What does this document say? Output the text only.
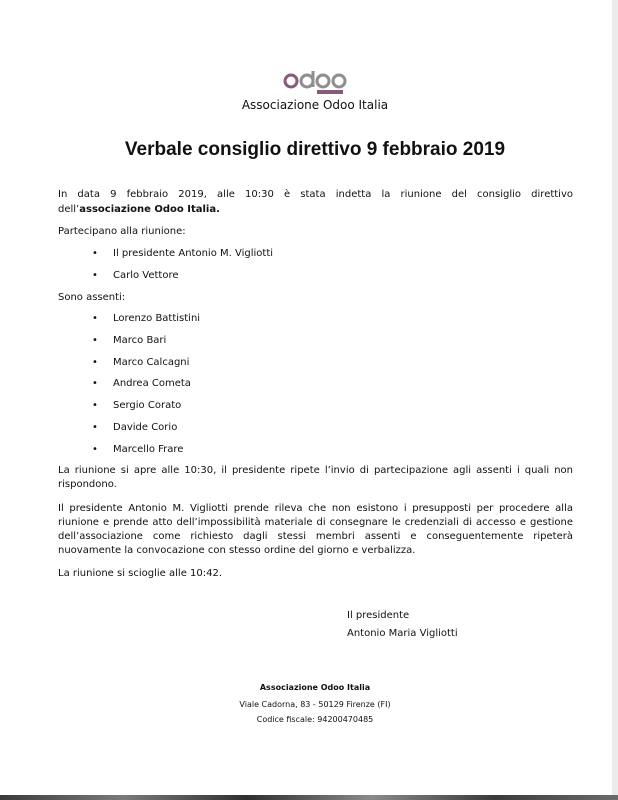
Associazione Odoo Italia
Verbale consiglio direttivo 9 febbraio 2019
In data 9 febbraio 2019, alle 10:30 è stata indetta la riunione del consiglio direttivo
dell’associazione Odoo Italia.
Partecipano alla riunione:
• Il presidente Antonio M. Vigliotti
• Carlo Vettore
Sono assenti:
• Lorenzo Battistini
• Marco Bari
• Marco Calcagni
• Andrea Cometa
• Sergio Corato
• Davide Corio
• Marcello Frare
La riunione si apre alle 10:30, il presidente ripete l’invio di partecipazione agli assenti i quali non rispondono.
Il presidente Antonio M. Vigliotti prende rileva che non esistono i presupposti per procedere alla riunione e prende atto dell’impossibilità materiale di consegnare le credenziali di accesso e gestione dell’associazione come richiesto dagli stessi membri assenti e conseguentemente ripeterà nuovamente la convocazione con stesso ordine del giorno e verbalizza.
La riunione si scioglie alle 10:42.
Il presidente
Antonio Maria Vigliotti
Associazione Odoo Italia
Viale Cadorna, 83 - 50129 Firenze (FI)
Codice fiscale: 94200470485
